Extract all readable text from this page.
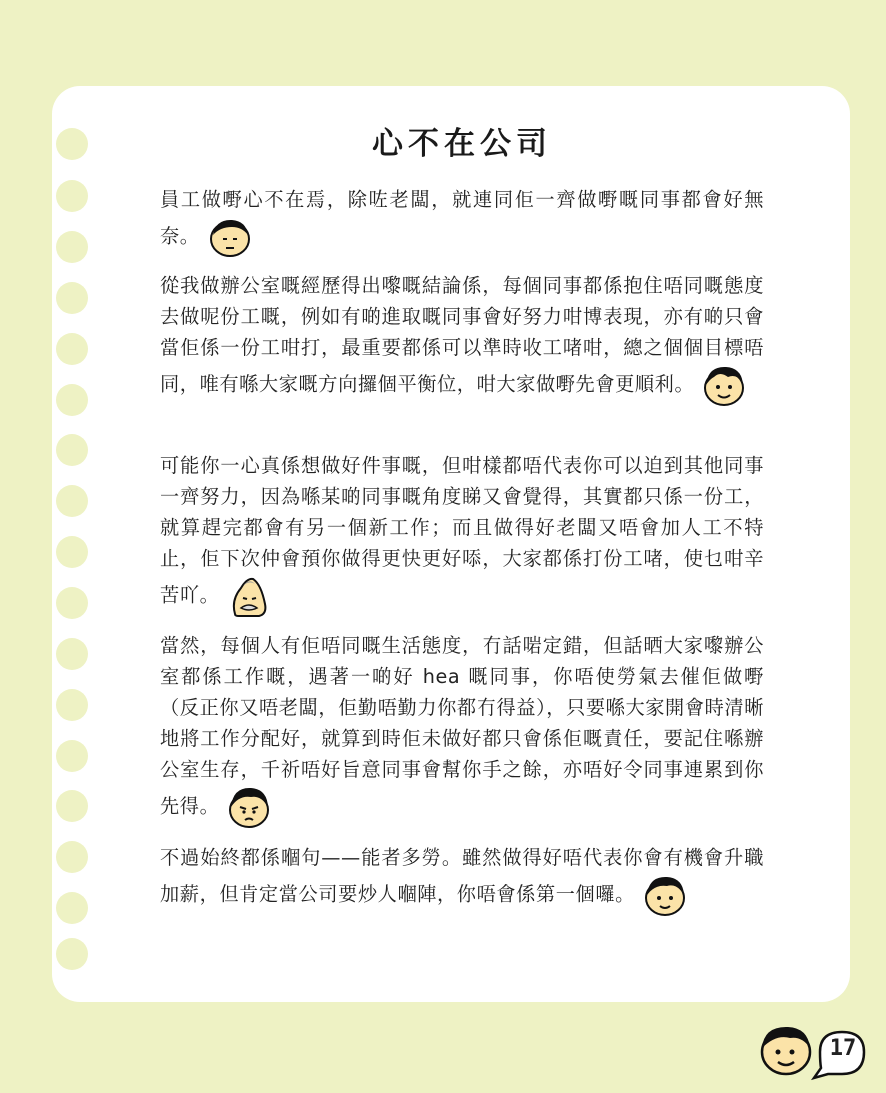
心不在公司
員工做嘢心不在焉，除咗老闆，就連同佢一齊做嘢嘅同事都會好無奈。
從我做辦公室嘅經歷得出嚟嘅結論係，每個同事都係抱住唔同嘅態度去做呢份工嘅，例如有啲進取嘅同事會好努力咁博表現，亦有啲只會當佢係一份工咁打，最重要都係可以準時收工啫咁，總之個個目標唔同，唯有喺大家嘅方向攞個平衡位，咁大家做嘢先會更順利。
可能你一心真係想做好件事嘅，但咁樣都唔代表你可以迫到其他同事一齊努力，因為喺某啲同事嘅角度睇又會覺得，其實都只係一份工，就算趕完都會有另一個新工作；而且做得好老闆又唔會加人工不特止，佢下次仲會預你做得更快更好㖭，大家都係打份工啫，使乜咁辛苦吖。
當然，每個人有佢唔同嘅生活態度，冇話啱定錯，但話晒大家嚟辦公室都係工作嘅，遇著一啲好 hea 嘅同事，你唔使勞氣去催佢做嘢 （反正你又唔老闆，佢勤唔勤力你都冇得益），只要喺大家開會時清晰地將工作分配好，就算到時佢未做好都只會係佢嘅責任，要記住喺辦公室生存，千祈唔好旨意同事會幫你手之餘，亦唔好令同事連累到你先得。
不過始終都係嗰句——能者多勞。雖然做得好唔代表你會有機會升職加薪，但肯定當公司要炒人嗰陣，你唔會係第一個囉。
17
